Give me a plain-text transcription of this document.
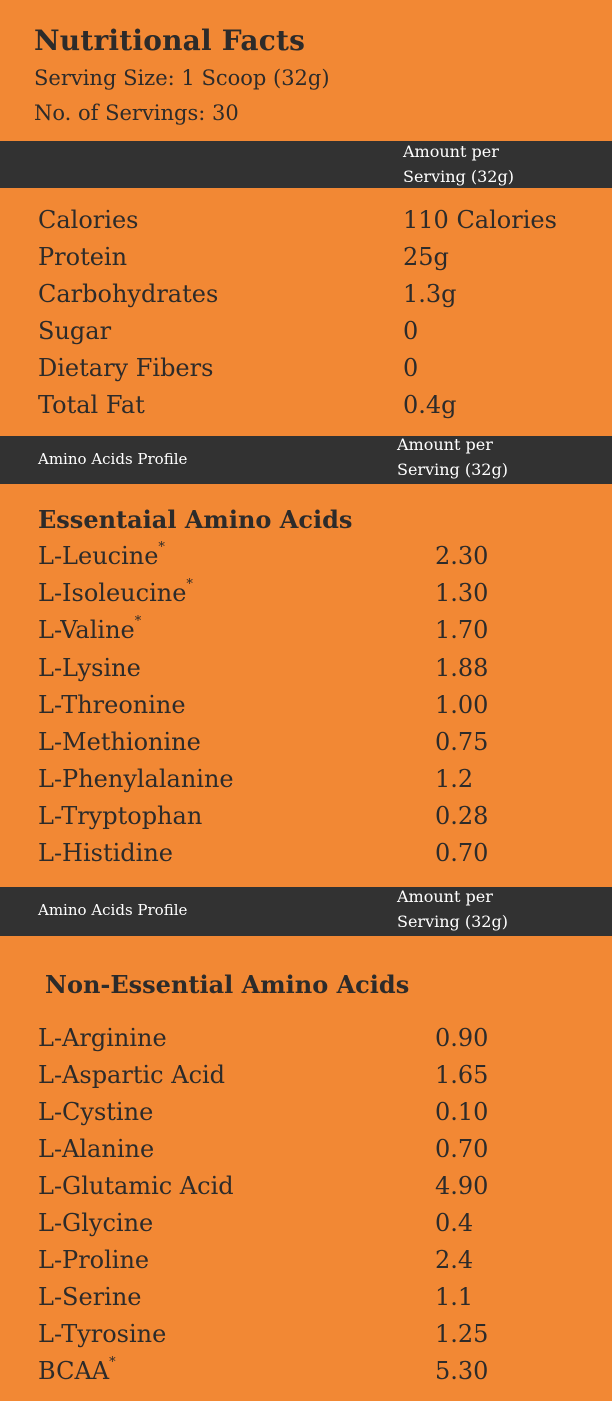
Nutritional Facts
Serving Size: 1 Scoop (32g)
No. of Servings: 30
Amount per
Serving (32g)
Calories	110 Calories
Protein	25g
Carbohydrates	1.3g
Sugar	0
Dietary Fibers	0
Total Fat	0.4g
Amino Acids Profile
Amount per
Serving (32g)
Essentaial Amino Acids
L-Leucine*	2.30
L-Isoleucine*	1.30
L-Valine*	1.70
L-Lysine	1.88
L-Threonine	1.00
L-Methionine	0.75
L-Phenylalanine	1.2
L-Tryptophan	0.28
L-Histidine	0.70
Amino Acids Profile
Amount per
Serving (32g)
Non-Essential Amino Acids
L-Arginine	0.90
L-Aspartic Acid	1.65
L-Cystine	0.10
L-Alanine	0.70
L-Glutamic Acid	4.90
L-Glycine	0.4
L-Proline	2.4
L-Serine	1.1
L-Tyrosine	1.25
BCAA*	5.30
